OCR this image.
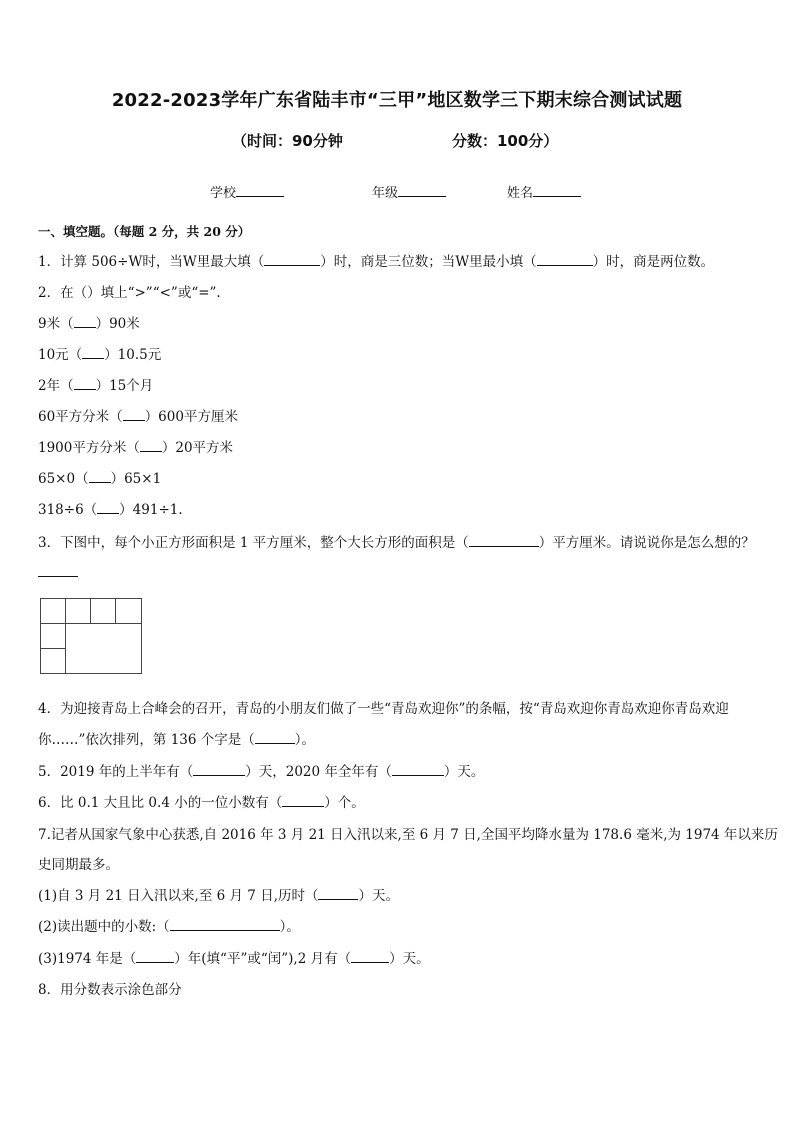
2022-2023学年广东省陆丰市“三甲”地区数学三下期末综合测试试题
（时间：90分钟	分数：100分）
学校	年级	姓名
一、填空题。（每题 2 分，共 20 分）
1．计算 506÷W时，当W里最大填（	）时，商是三位数；当W里最小填（	）时，商是两位数。
2．在（）填上“>”“<”或“=”.
9米（ ）90米
10元（ ）10.5元
2年（ ）15个月
60平方分米（ ）600平方厘米
1900平方分米（ ）20平方米
65×0（ ）65×1
318÷6（ ）491÷1.
3．下图中，每个小正方形面积是 1 平方厘米，整个大长方形的面积是（	）平方厘米。请说说你是怎么想的？
4．为迎接青岛上合峰会的召开，青岛的小朋友们做了一些“青岛欢迎你”的条幅，按“青岛欢迎你青岛欢迎你青岛欢迎
你……”依次排列，第 136 个字是（	）。
5．2019 年的上半年有（	）天，2020 年全年有（	）天。
6．比 0.1 大且比 0.4 小的一位小数有（	）个。
7.记者从国家气象中心获悉,自 2016 年 3 月 21 日入汛以来,至 6 月 7 日,全国平均降水量为 178.6 毫米,为 1974 年以来历
史同期最多。
(1)自 3 月 21 日入汛以来,至 6 月 7 日,历时（	）天。
(2)读出题中的小数:（	）。
(3)1974 年是（	）年(填“平”或“闰”),2 月有（	）天。
8．用分数表示涂色部分
